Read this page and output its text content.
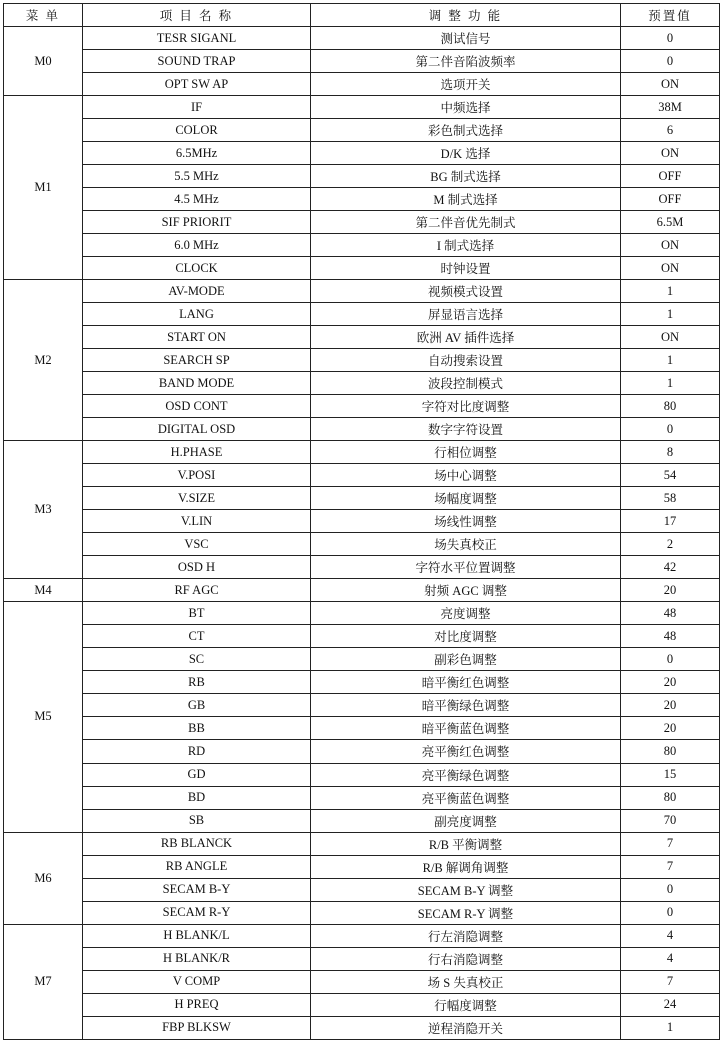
菜 单	项 目 名 称	调 整 功 能	预置值
M0	TESR SIGANL	测试信号	0
	SOUND TRAP	第二伴音陷波频率	0
	OPT SW AP	选项开关	ON
M1	IF	中频选择	38M
	COLOR	彩色制式选择	6
	6.5MHz	D/K 选择	ON
	5.5 MHz	BG 制式选择	OFF
	4.5 MHz	M 制式选择	OFF
	SIF PRIORIT	第二伴音优先制式	6.5M
	6.0 MHz	I 制式选择	ON
	CLOCK	时钟设置	ON
M2	AV-MODE	视频模式设置	1
	LANG	屏显语言选择	1
	START ON	欧洲 AV 插件选择	ON
	SEARCH SP	自动搜索设置	1
	BAND MODE	波段控制模式	1
	OSD CONT	字符对比度调整	80
	DIGITAL OSD	数字字符设置	0
M3	H.PHASE	行相位调整	8
	V.POSI	场中心调整	54
	V.SIZE	场幅度调整	58
	V.LIN	场线性调整	17
	VSC	场失真校正	2
	OSD H	字符水平位置调整	42
M4	RF AGC	射频 AGC 调整	20
M5	BT	亮度调整	48
	CT	对比度调整	48
	SC	副彩色调整	0
	RB	暗平衡红色调整	20
	GB	暗平衡绿色调整	20
	BB	暗平衡蓝色调整	20
	RD	亮平衡红色调整	80
	GD	亮平衡绿色调整	15
	BD	亮平衡蓝色调整	80
	SB	副亮度调整	70
M6	RB BLANCK	R/B 平衡调整	7
	RB ANGLE	R/B 解调角调整	7
	SECAM B-Y	SECAM B-Y 调整	0
	SECAM R-Y	SECAM R-Y 调整	0
M7	H BLANK/L	行左消隐调整	4
	H BLANK/R	行右消隐调整	4
	V COMP	场 S 失真校正	7
	H PREQ	行幅度调整	24
	FBP BLKSW	逆程消隐开关	1
